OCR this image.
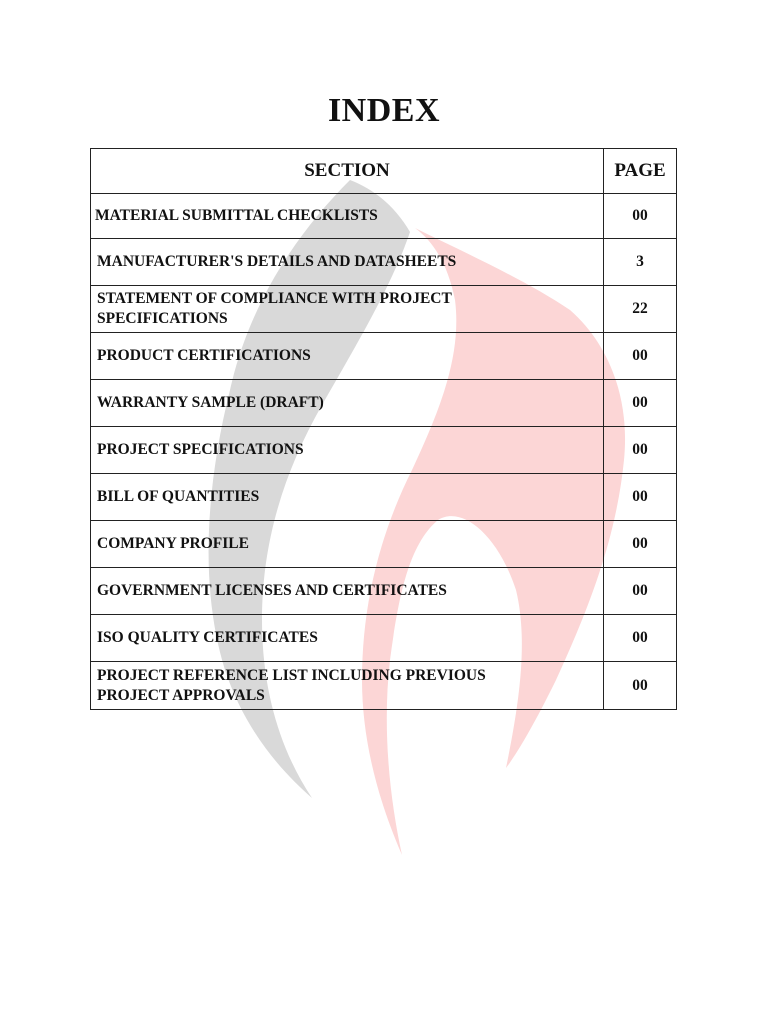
INDEX
SECTION	PAGE
MATERIAL SUBMITTAL CHECKLISTS	00
MANUFACTURER'S DETAILS AND DATASHEETS	3
STATEMENT OF COMPLIANCE WITH PROJECT SPECIFICATIONS	22
PRODUCT CERTIFICATIONS	00
WARRANTY SAMPLE (DRAFT)	00
PROJECT SPECIFICATIONS	00
BILL OF QUANTITIES	00
COMPANY PROFILE	00
GOVERNMENT LICENSES AND CERTIFICATES	00
ISO QUALITY CERTIFICATES	00
PROJECT REFERENCE LIST INCLUDING PREVIOUS PROJECT APPROVALS	00
